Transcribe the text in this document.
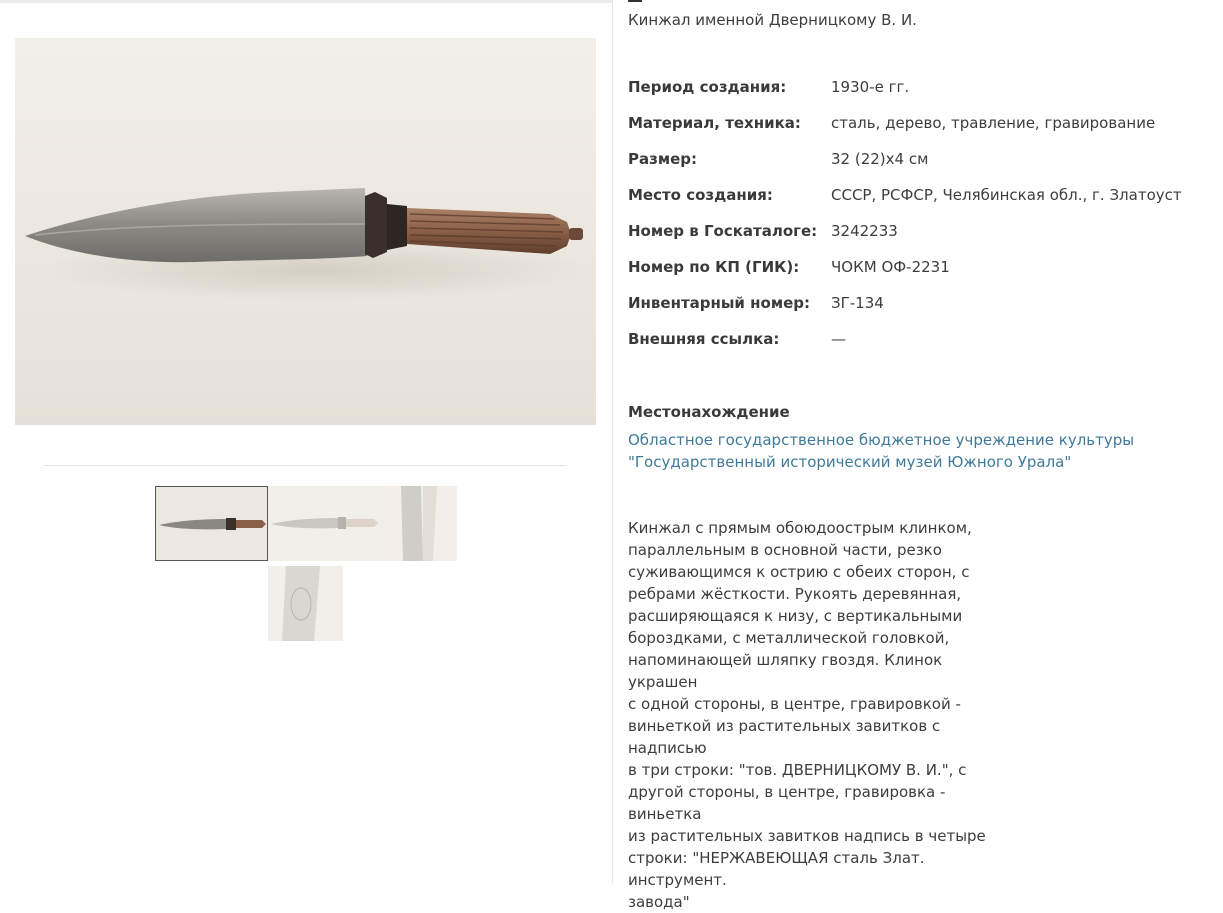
Кинжал именной Дверницкому В. И.
Период создания:	1930-е гг.
Материал, техника: сталь, дерево, травление, гравирование
Размер:	32 (22)х4 см
Место создания:	СССР, РСФСР, Челябинская обл., г. Златоуст
Номер в Госкаталоге: 3242233
Номер по КП (ГИК): ЧОКМ ОФ-2231
Инвентарный номер: ЗГ-134
Внешняя ссылка:	—
Местонахождение
Областное государственное бюджетное учреждение культуры
"Государственный исторический музей Южного Урала"
Кинжал с прямым обоюдоострым клинком,
параллельным в основной части, резко
суживающимся к острию с обеих сторон, с
ребрами жёсткости. Рукоять деревянная,
расширяющаяся к низу, с вертикальными
бороздками, с металлической головкой,
напоминающей шляпку гвоздя. Клинок украшен
с одной стороны, в центре, гравировкой -
виньеткой из растительных завитков с надписью
в три строки: "тов. ДВЕРНИЦКОМУ В. И.", с
другой стороны, в центре, гравировка - виньетка
из растительных завитков надпись в четыре
строки: "НЕРЖАВЕЮЩАЯ сталь Злат. инструмент.
завода"
